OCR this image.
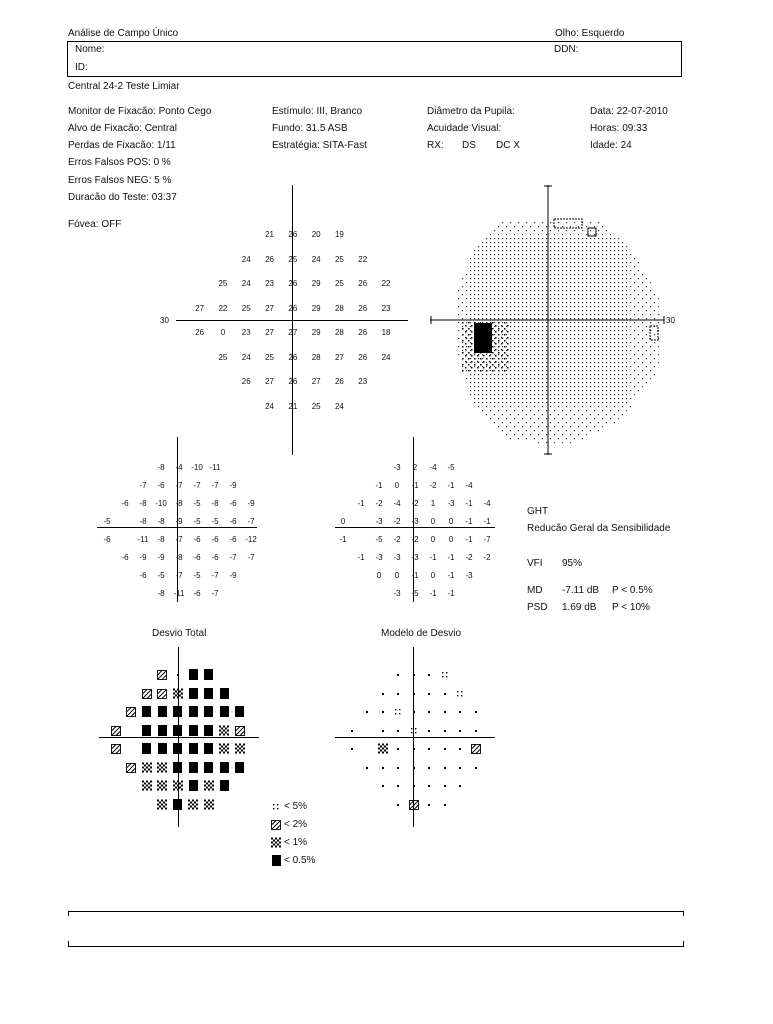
Análise de Campo Único	Olho: Esquerdo
Nome:	DDN:
ID:
Central 24-2 Teste Limiar
Monitor de Fixacão: Ponto Cego
Alvo de Fixacão: Central
Perdas de Fixacão: 1/11
Erros Falsos POS: 0 %
Erros Falsos NEG: 5 %
Duracão do Teste: 03:37
Fóvea: OFF
Estímulo: III, Branco
Fundo: 31.5 ASB
Estratégia: SITA-Fast
Diâmetro da Pupila:
Acuidade Visual:
RX: DS DC X
Data: 22-07-2010
Horas: 09:33
Idade: 24
30
21	26	20	19
24	26	25	24	25	22
25	24	23	26	29	25	26	22
27	22	25	27	26	29	28	26	23
26	0	23	27	27	29	28	26	18
25	24	25	26	28	27	26	24
26	27	26	27	26	23
24	21	25	24
30
-8	-4	-10 -11
-7	-6	-7	-7	-7	-9
-6	-8	-10	-8	-5	-8	-6	-9
-5	-8	-8	-9	-5	-5	-6	-7
-6	-11	-8	-7	-6	-6	-6	-12
-6	-9	-9	-8	-6	-6	-7	-7
-6	-5	-7	-5	-7	-9
-8	-11	-6	-7
-3	2	-4	-5
-1	0	-1	-2	-1	-4
-1	-2	-4	-2	1	-3	-1	-4
0	-3	-2	-3	0	0	-1	-1
-1	-5	-2	-2	0	0	-1	-7
-1	-3	-3	-3	-1	-1	-2	-2
0	0	-1	0	-1	-3
-3	-5	-1	-1
GHT
Reducão Geral da Sensibilidade
VFI 95%
MD -7.11 dB P < 0.5%
PSD 1.69 dB P < 10%
Desvio Total	Modelo de Desvio
< 5%
< 2%
< 1%
< 0.5%
